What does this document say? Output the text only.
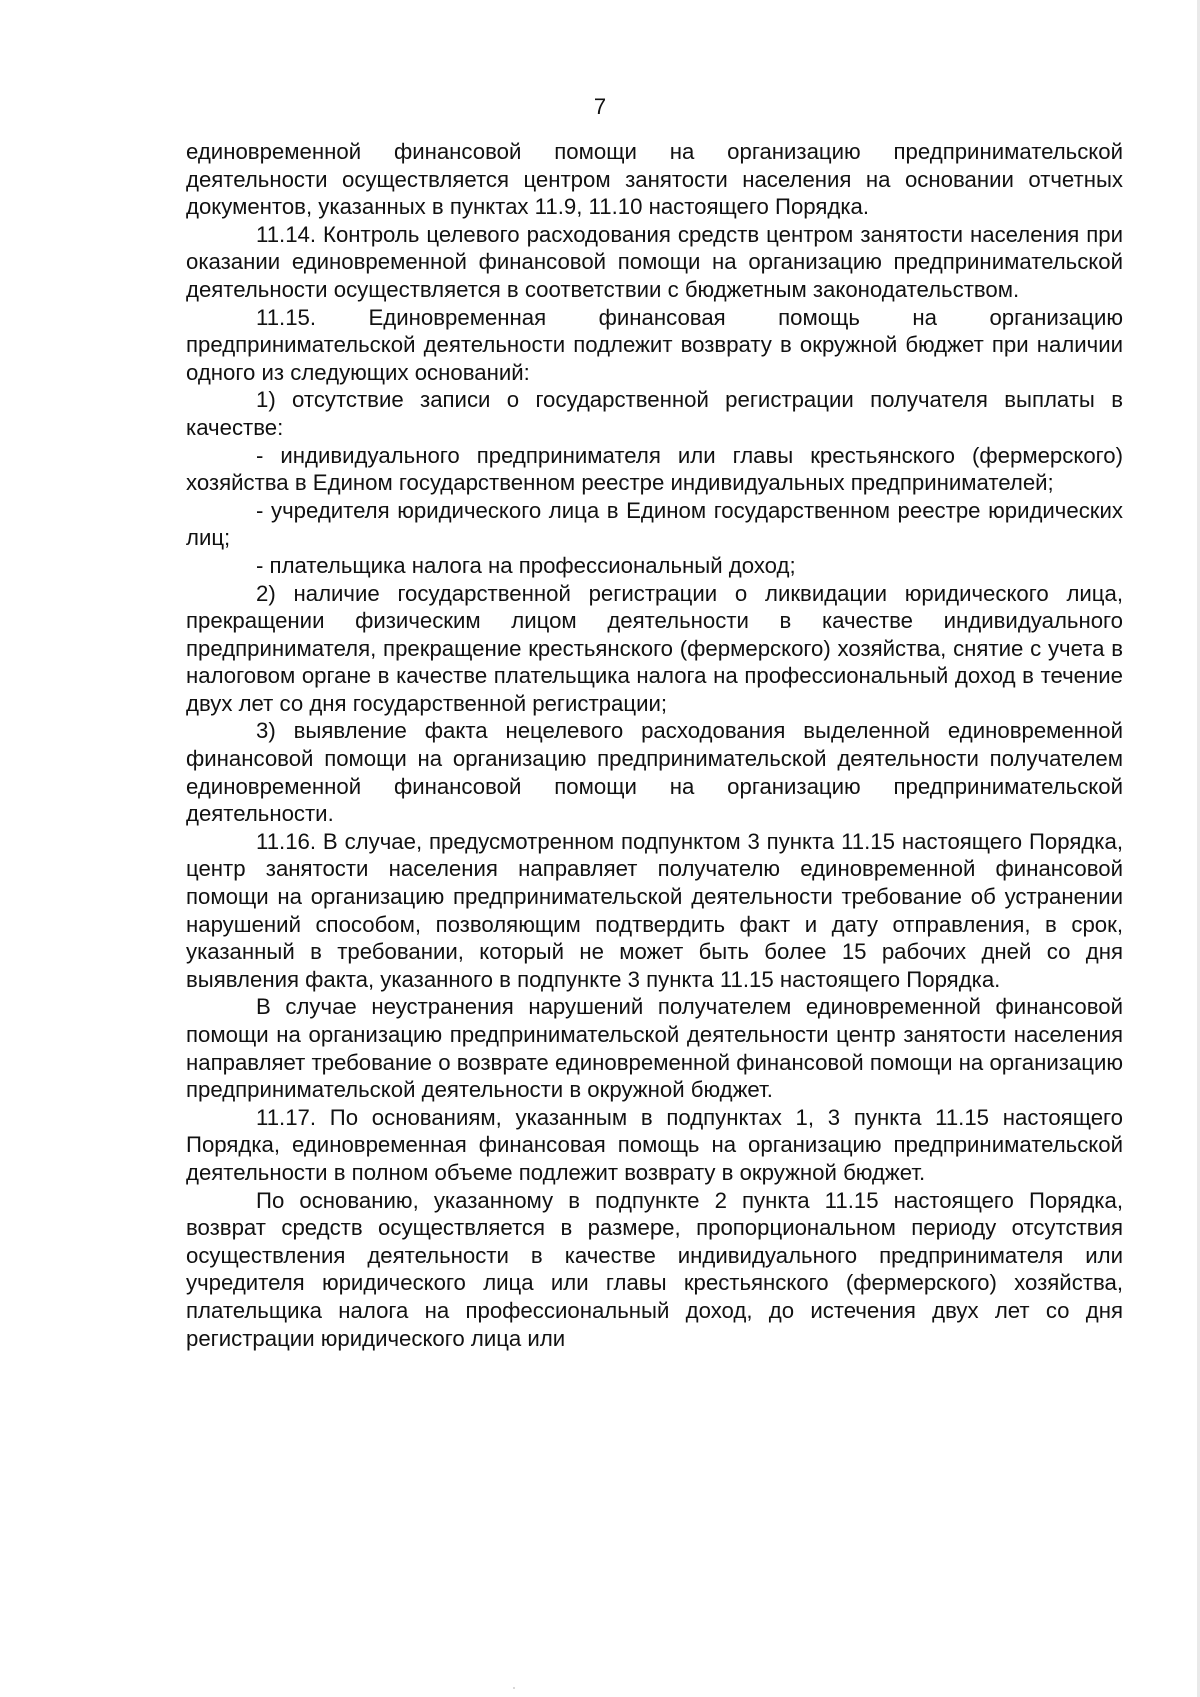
7

единовременной финансовой помощи на организацию предпринимательской деятельности осуществляется центром занятости населения на основании отчетных документов, указанных в пунктах 11.9, 11.10 настоящего Порядка.

11.14. Контроль целевого расходования средств центром занятости населения при оказании единовременной финансовой помощи на организацию предпринимательской деятельности осуществляется в соответствии с бюджетным законодательством.

11.15. Единовременная финансовая помощь на организацию предпринимательской деятельности подлежит возврату в окружной бюджет при наличии одного из следующих оснований:

1) отсутствие записи о государственной регистрации получателя выплаты в качестве:

- индивидуального предпринимателя или главы крестьянского (фермерского) хозяйства в Едином государственном реестре индивидуальных предпринимателей;

- учредителя юридического лица в Едином государственном реестре юридических лиц;

- плательщика налога на профессиональный доход;

2) наличие государственной регистрации о ликвидации юридического лица, прекращении физическим лицом деятельности в качестве индивидуального предпринимателя, прекращение крестьянского (фермерского) хозяйства, снятие с учета в налоговом органе в качестве плательщика налога на профессиональный доход в течение двух лет со дня государственной регистрации;

3) выявление факта нецелевого расходования выделенной единовременной финансовой помощи на организацию предпринимательской деятельности получателем единовременной финансовой помощи на организацию предпринимательской деятельности.

11.16. В случае, предусмотренном подпунктом 3 пункта 11.15 настоящего Порядка, центр занятости населения направляет получателю единовременной финансовой помощи на организацию предпринимательской деятельности требование об устранении нарушений способом, позволяющим подтвердить факт и дату отправления, в срок, указанный в требовании, который не может быть более 15 рабочих дней со дня выявления факта, указанного в подпункте 3 пункта 11.15 настоящего Порядка.

В случае неустранения нарушений получателем единовременной финансовой помощи на организацию предпринимательской деятельности центр занятости населения направляет требование о возврате единовременной финансовой помощи на организацию предпринимательской деятельности в окружной бюджет.

11.17. По основаниям, указанным в подпунктах 1, 3 пункта 11.15 настоящего Порядка, единовременная финансовая помощь на организацию предпринимательской деятельности в полном объеме подлежит возврату в окружной бюджет.

По основанию, указанному в подпункте 2 пункта 11.15 настоящего Порядка, возврат средств осуществляется в размере, пропорциональном периоду отсутствия осуществления деятельности в качестве индивидуального предпринимателя или учредителя юридического лица или главы крестьянского (фермерского) хозяйства, плательщика налога на профессиональный доход, до истечения двух лет со дня регистрации юридического лица или
